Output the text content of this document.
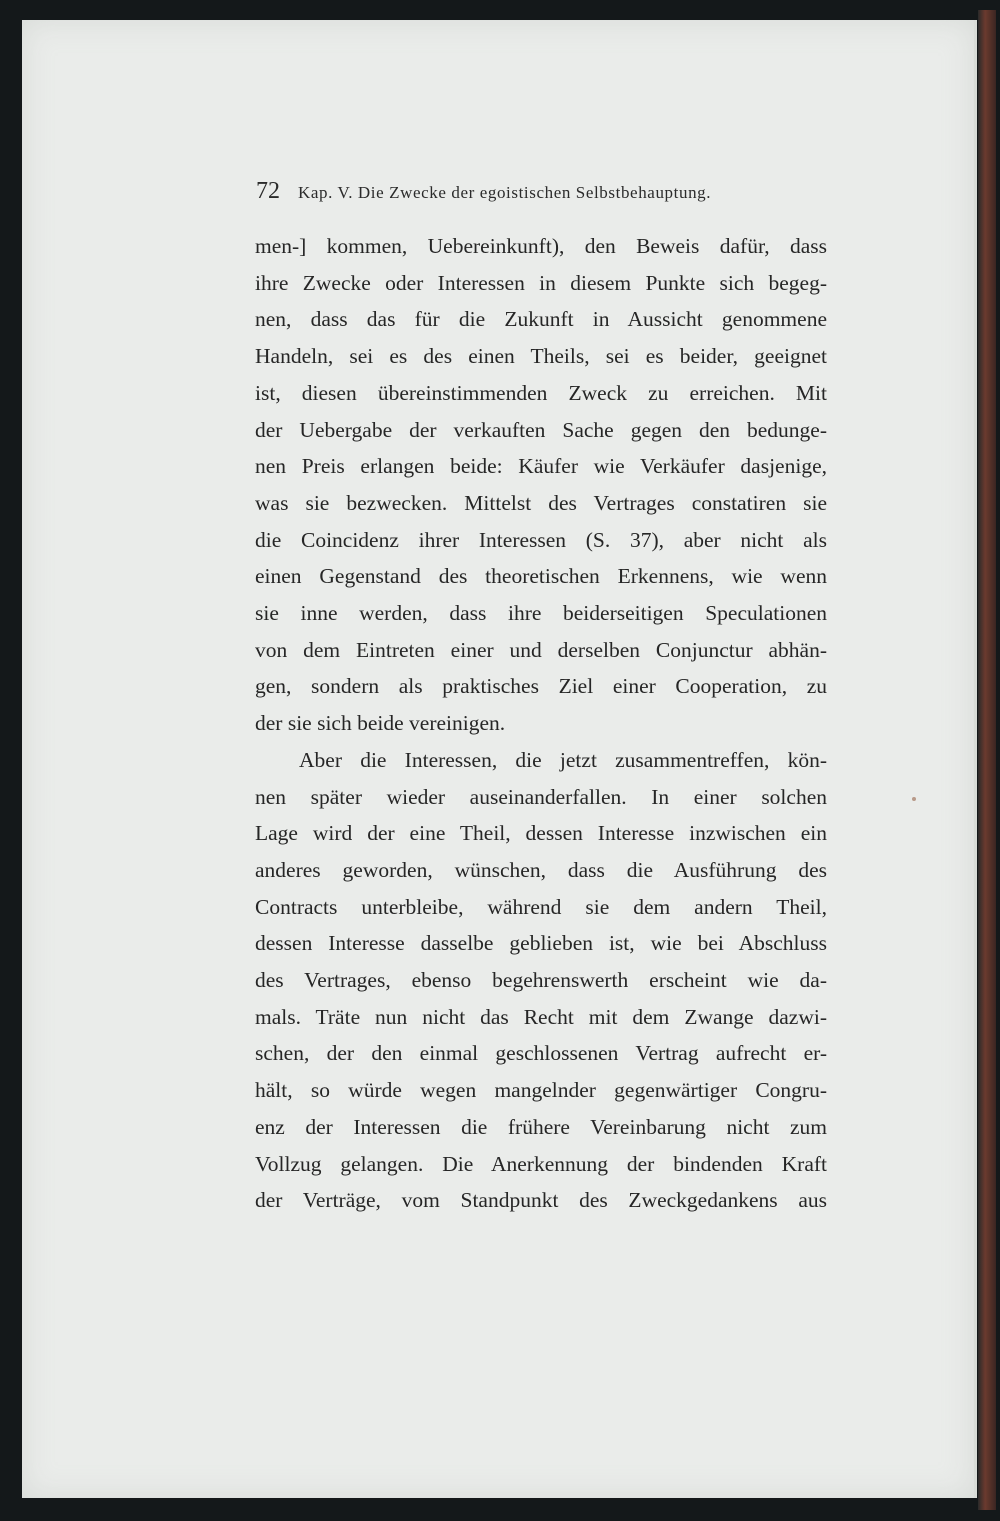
72 Kap. V. Die Zwecke der egoistischen Selbstbehauptung.
men-] kommen, Uebereinkunft), den Beweis dafür, dass
ihre Zwecke oder Interessen in diesem Punkte sich begeg-
nen, dass das für die Zukunft in Aussicht genommene
Handeln, sei es des einen Theils, sei es beider, geeignet
ist, diesen übereinstimmenden Zweck zu erreichen. Mit
der Uebergabe der verkauften Sache gegen den bedunge-
nen Preis erlangen beide: Käufer wie Verkäufer dasjenige,
was sie bezwecken. Mittelst des Vertrages constatiren sie
die Coincidenz ihrer Interessen (S. 37), aber nicht als
einen Gegenstand des theoretischen Erkennens, wie wenn
sie inne werden, dass ihre beiderseitigen Speculationen
von dem Eintreten einer und derselben Conjunctur abhän-
gen, sondern als praktisches Ziel einer Cooperation, zu
der sie sich beide vereinigen.
Aber die Interessen, die jetzt zusammentreffen, kön-
nen später wieder auseinanderfallen. In einer solchen
Lage wird der eine Theil, dessen Interesse inzwischen ein
anderes geworden, wünschen, dass die Ausführung des
Contracts unterbleibe, während sie dem andern Theil,
dessen Interesse dasselbe geblieben ist, wie bei Abschluss
des Vertrages, ebenso begehrenswerth erscheint wie da-
mals. Träte nun nicht das Recht mit dem Zwange dazwi-
schen, der den einmal geschlossenen Vertrag aufrecht er-
hält, so würde wegen mangelnder gegenwärtiger Congru-
enz der Interessen die frühere Vereinbarung nicht zum
Vollzug gelangen. Die Anerkennung der bindenden Kraft
der Verträge, vom Standpunkt des Zweckgedankens aus
